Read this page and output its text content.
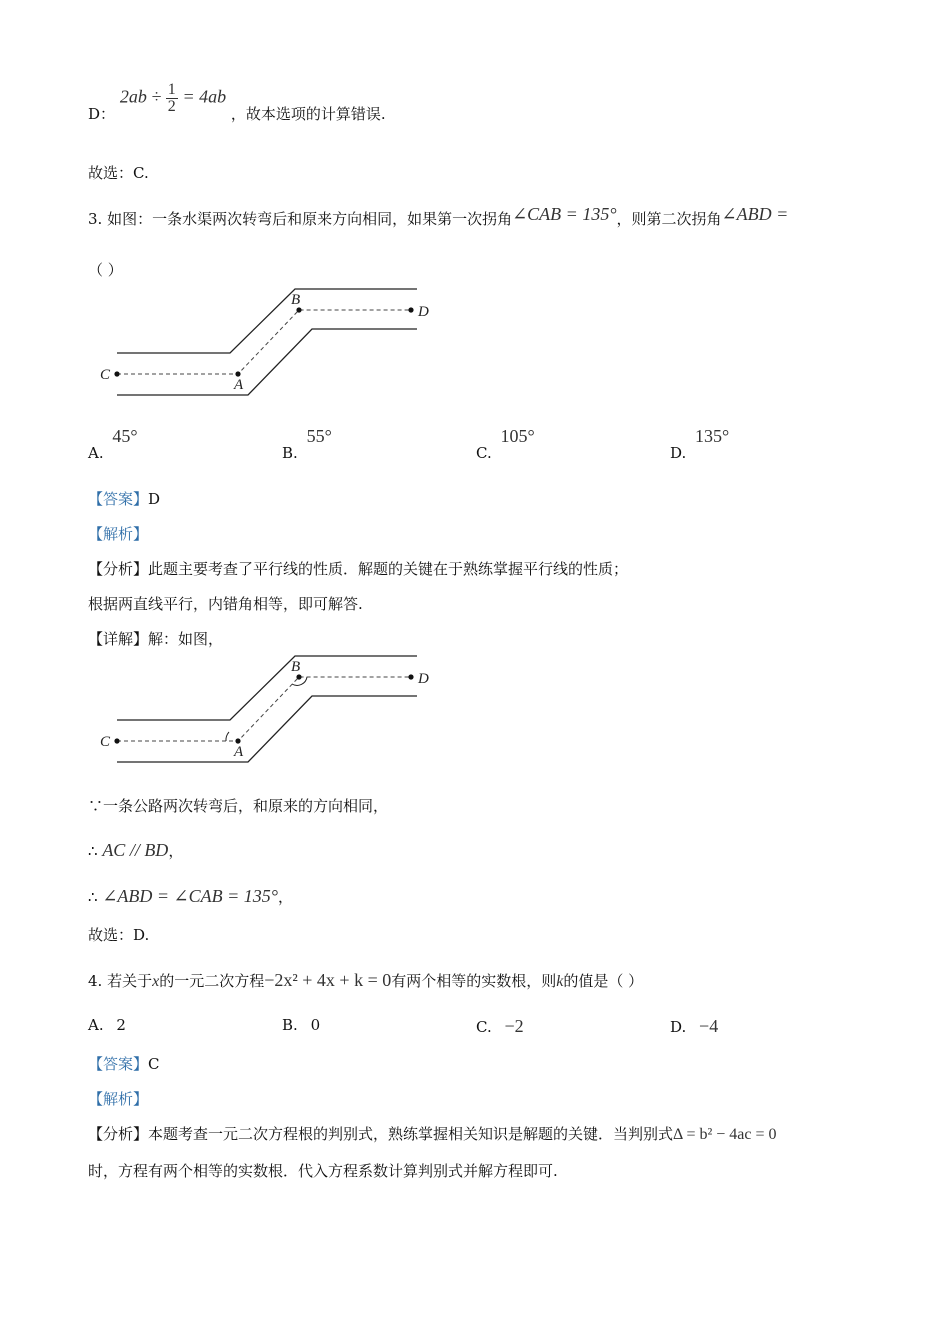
D： $2ab \div \frac{1}{2} = 4ab$ ，故本选项的计算错误.
故选：C.
3. 如图：一条水渠两次转弯后和原来方向相同，如果第一次拐角∠CAB = 135°，则第二次拐角∠ABD =
（ ）
C
A
B
D
A. 45°
B. 55°
C. 105°
D. 135°
【答案】D
【解析】
【分析】此题主要考查了平行线的性质．解题的关键在于熟练掌握平行线的性质；
根据两直线平行，内错角相等，即可解答.
【详解】解：如图，
C
A
B
D
∵一条公路两次转弯后，和原来的方向相同，
∴ AC // BD，
∴ ∠ABD = ∠CAB = 135°，
故选：D.
4. 若关于x的一元二次方程−2x² + 4x + k = 0有两个相等的实数根，则k的值是（ ）
A. 2	B. 0	C. −2	D. −4
【答案】C
【解析】
【分析】本题考查一元二次方程根的判别式，熟练掌握相关知识是解题的关键．当判别式Δ = b² − 4ac = 0
时，方程有两个相等的实数根．代入方程系数计算判别式并解方程即可.
